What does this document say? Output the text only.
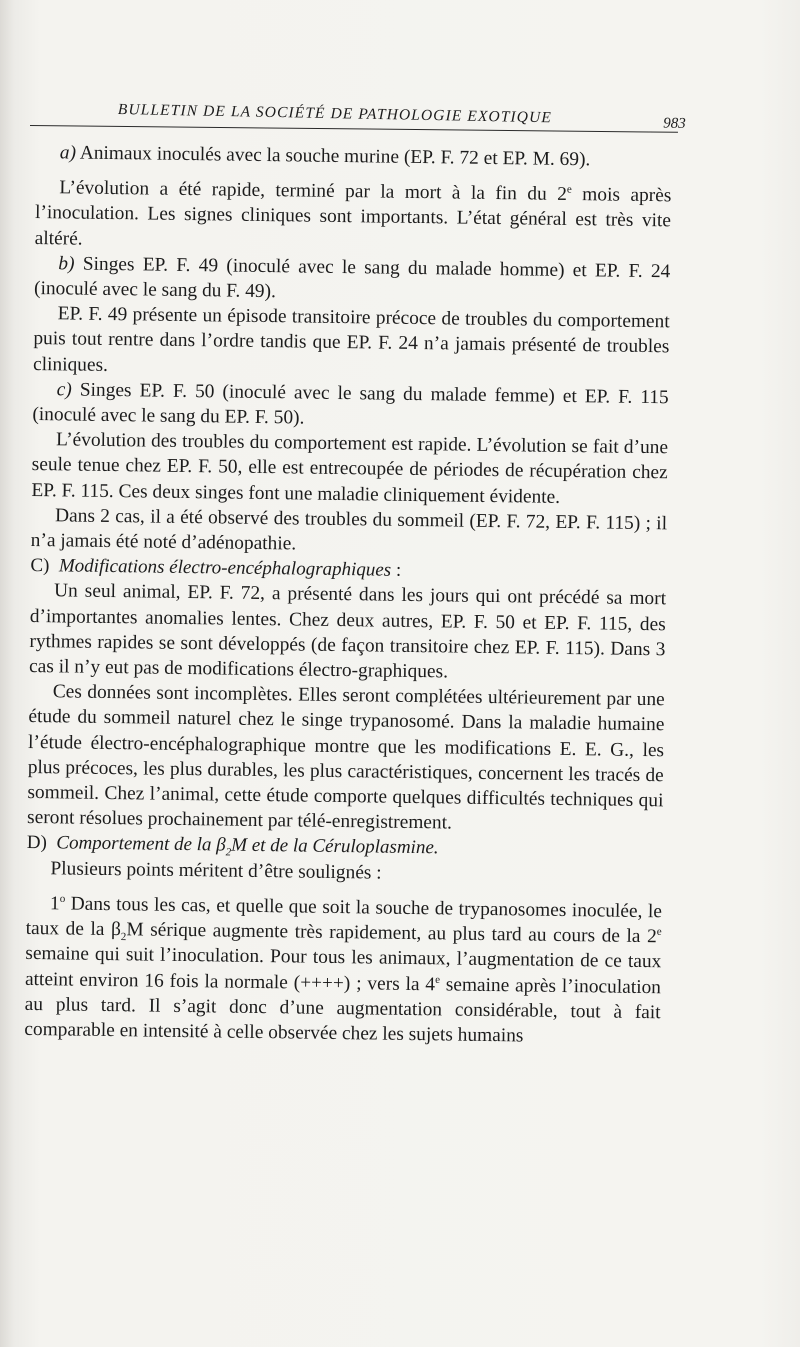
BULLETIN DE LA SOCIÉTÉ DE PATHOLOGIE EXOTIQUE	983

a) Animaux inoculés avec la souche murine (EP. F. 72 et EP. M. 69).

L’évolution a été rapide, terminé par la mort à la fin du 2e mois après l’inoculation. Les signes cliniques sont importants. L’état général est très vite altéré.

b) Singes EP. F. 49 (inoculé avec le sang du malade homme) et EP. F. 24 (inoculé avec le sang du F. 49).

EP. F. 49 présente un épisode transitoire précoce de troubles du comportement puis tout rentre dans l’ordre tandis que EP. F. 24 n’a jamais présenté de troubles cliniques.

c) Singes EP. F. 50 (inoculé avec le sang du malade femme) et EP. F. 115 (inoculé avec le sang du EP. F. 50).

L’évolution des troubles du comportement est rapide. L’évolution se fait d’une seule tenue chez EP. F. 50, elle est entrecoupée de périodes de récupération chez EP. F. 115. Ces deux singes font une maladie cliniquement évidente.

Dans 2 cas, il a été observé des troubles du sommeil (EP. F. 72, EP. F. 115) ; il n’a jamais été noté d’adénopathie.

C) Modifications électro-encéphalographiques :

Un seul animal, EP. F. 72, a présenté dans les jours qui ont précédé sa mort d’importantes anomalies lentes. Chez deux autres, EP. F. 50 et EP. F. 115, des rythmes rapides se sont développés (de façon transitoire chez EP. F. 115). Dans 3 cas il n’y eut pas de modifications électro-graphiques.

Ces données sont incomplètes. Elles seront complétées ultérieurement par une étude du sommeil naturel chez le singe trypanosomé. Dans la maladie humaine l’étude électro-encéphalographique montre que les modifications E. E. G., les plus précoces, les plus durables, les plus caractéristiques, concernent les tracés de sommeil. Chez l’animal, cette étude comporte quelques difficultés techniques qui seront résolues prochainement par télé-enregistrement.

D) Comportement de la $\beta_2M$ et de la Céruloplasmine.

Plusieurs points méritent d’être soulignés :

1$^o$ Dans tous les cas, et quelle que soit la souche de trypanosomes inoculée, le taux de la $\beta_2M$ sérique augmente très rapidement, au plus tard au cours de la 2e semaine qui suit l’inoculation. Pour tous les animaux, l’augmentation de ce taux atteint environ 16 fois la normale (++++) ; vers la 4e semaine après l’inoculation au plus tard. Il s’agit donc d’une augmentation considérable, tout à fait comparable en intensité à celle observée chez les sujets humains
